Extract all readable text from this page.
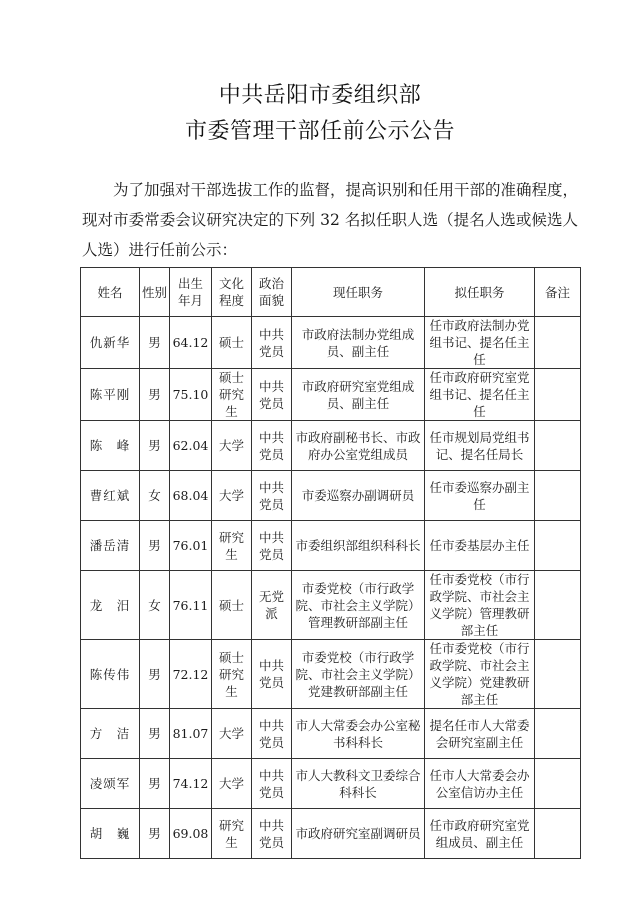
中共岳阳市委组织部
市委管理干部任前公示公告
为了加强对干部选拔工作的监督，提高识别和任用干部的准确程度，现对市委常委会议研究决定的下列 32 名拟任职人选（提名人选或候选人人选）进行任前公示：
姓名	性别	出生年月	文化程度	政治面貌	现任职务	拟任职务	备注
仇新华	男	64.12	硕士	中共党员	市政府法制办党组成员、副主任	任市政府法制办党组书记、提名任主任	
陈平刚	男	75.10	硕士研究生	中共党员	市政府研究室党组成员、副主任	任市政府研究室党组书记、提名任主任	
陈　峰	男	62.04	大学	中共党员	市政府副秘书长、市政府办公室党组成员	任市规划局党组书记、提名任局长	
曹红斌	女	68.04	大学	中共党员	市委巡察办副调研员	任市委巡察办副主任	
潘岳清	男	76.01	研究生	中共党员	市委组织部组织科科长	任市委基层办主任	
龙　汨	女	76.11	硕士	无党派	市委党校（市行政学院、市社会主义学院）管理教研部副主任	任市委党校（市行政学院、市社会主义学院）管理教研部主任	
陈传伟	男	72.12	硕士研究生	中共党员	市委党校（市行政学院、市社会主义学院）党建教研部副主任	任市委党校（市行政学院、市社会主义学院）党建教研部主任	
方　洁	男	81.07	大学	中共党员	市人大常委会办公室秘书科科长	提名任市人大常委会研究室副主任	
凌颂军	男	74.12	大学	中共党员	市人大教科文卫委综合科科长	任市人大常委会办公室信访办主任	
胡　巍	男	69.08	研究生	中共党员	市政府研究室副调研员	任市政府研究室党组成员、副主任	
